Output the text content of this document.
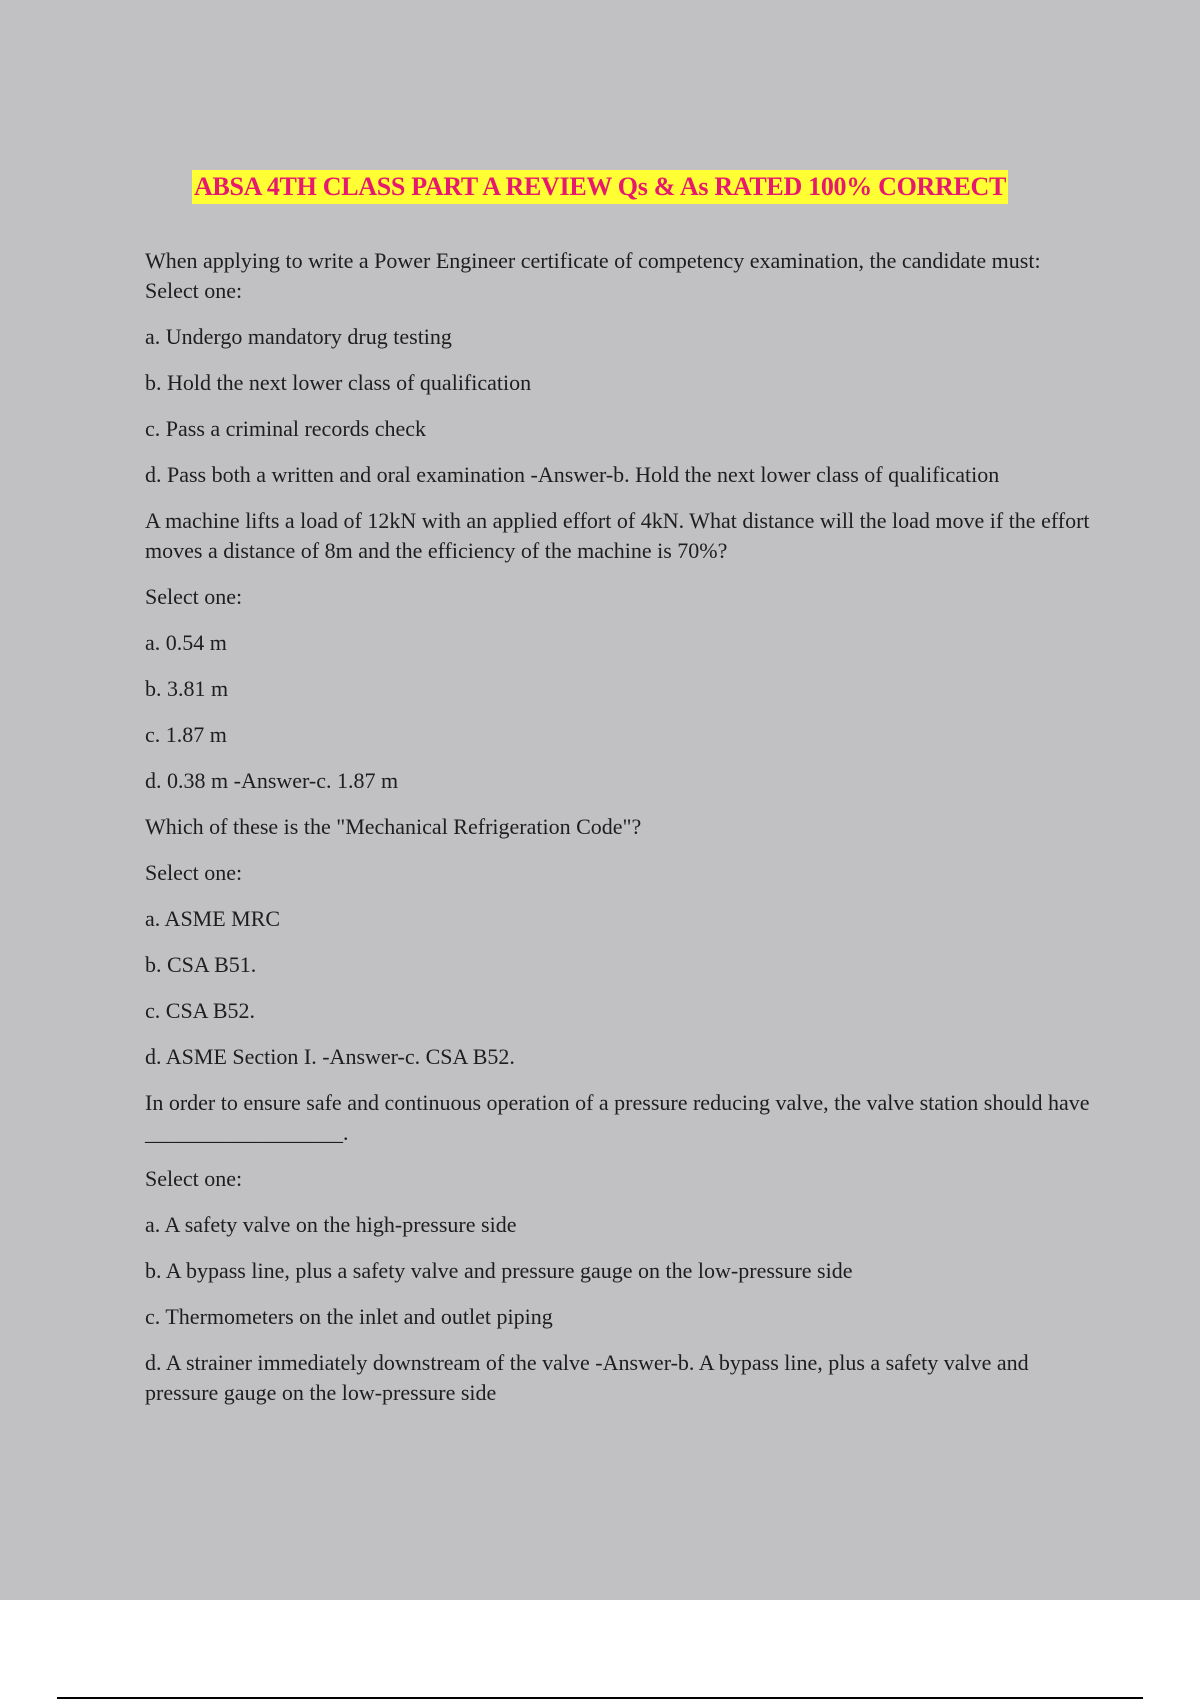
ABSA 4TH CLASS PART A REVIEW Qs & As RATED 100% CORRECT

When applying to write a Power Engineer certificate of competency examination, the candidate must: Select one:

a. Undergo mandatory drug testing

b. Hold the next lower class of qualification

c. Pass a criminal records check

d. Pass both a written and oral examination -Answer-b. Hold the next lower class of qualification

A machine lifts a load of 12kN with an applied effort of 4kN. What distance will the load move if the effort moves a distance of 8m and the efficiency of the machine is 70%?

Select one:

a. 0.54 m

b. 3.81 m

c. 1.87 m

d. 0.38 m -Answer-c. 1.87 m

Which of these is the "Mechanical Refrigeration Code"?

Select one:

a. ASME MRC

b. CSA B51.

c. CSA B52.

d. ASME Section I. -Answer-c. CSA B52.

In order to ensure safe and continuous operation of a pressure reducing valve, the valve station should have __________________.

Select one:

a. A safety valve on the high-pressure side

b. A bypass line, plus a safety valve and pressure gauge on the low-pressure side

c. Thermometers on the inlet and outlet piping

d. A strainer immediately downstream of the valve -Answer-b. A bypass line, plus a safety valve and pressure gauge on the low-pressure side
